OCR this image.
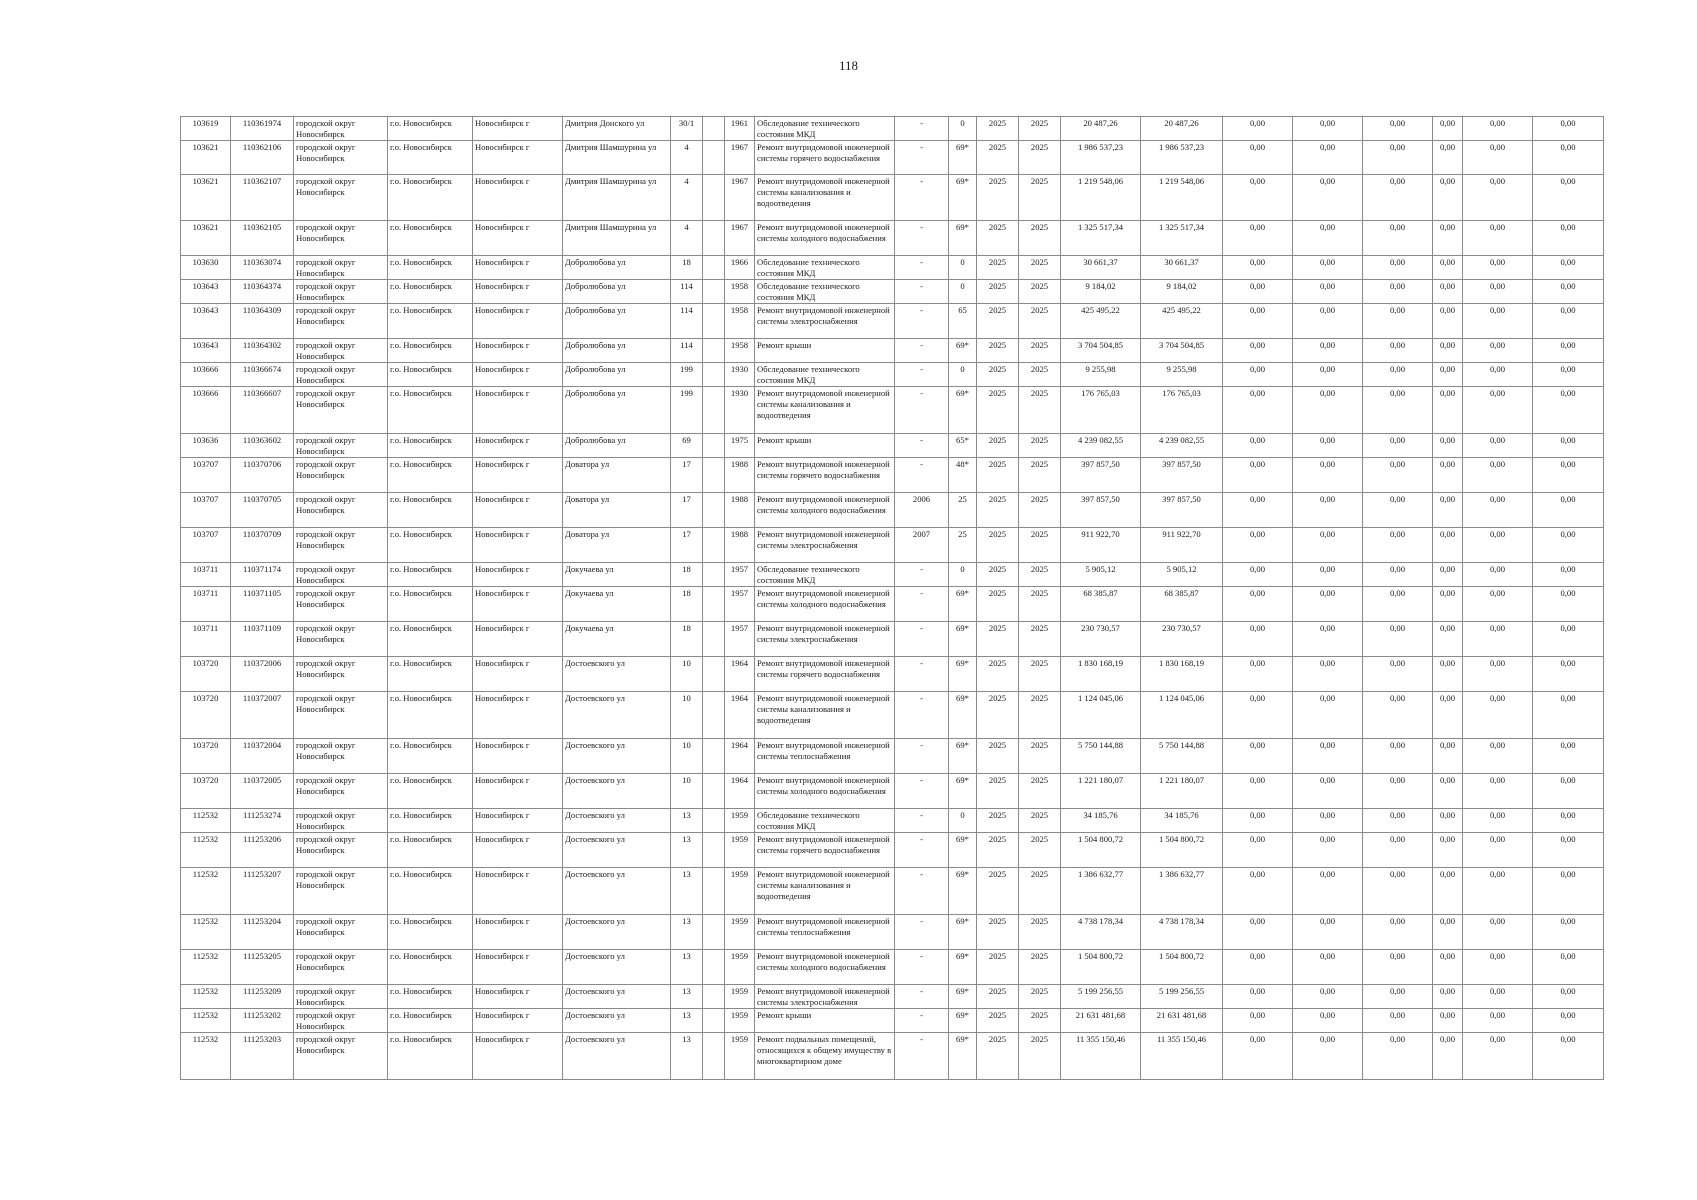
118
103619	110361974	городской округ Новосибирск	г.о. Новосибирск	Новосибирск г	Дмитрия Донского ул	30/1		1961	Обследование технического состояния МКД	-	0	2025	2025	20 487,26	20 487,26	0,00	0,00	0,00	0,00	0,00	0,00
103621	110362106	городской округ Новосибирск	г.о. Новосибирск	Новосибирск г	Дмитрия Шамшурина ул	4		1967	Ремонт внутридомовой инженерной системы горячего водоснабжения	-	69*	2025	2025	1 986 537,23	1 986 537,23	0,00	0,00	0,00	0,00	0,00	0,00
103621	110362107	городской округ Новосибирск	г.о. Новосибирск	Новосибирск г	Дмитрия Шамшурина ул	4		1967	Ремонт внутридомовой инженерной системы канализования и водоотведения	-	69*	2025	2025	1 219 548,06	1 219 548,06	0,00	0,00	0,00	0,00	0,00	0,00
103621	110362105	городской округ Новосибирск	г.о. Новосибирск	Новосибирск г	Дмитрия Шамшурина ул	4		1967	Ремонт внутридомовой инженерной системы холодного водоснабжения	-	69*	2025	2025	1 325 517,34	1 325 517,34	0,00	0,00	0,00	0,00	0,00	0,00
103630	110363074	городской округ Новосибирск	г.о. Новосибирск	Новосибирск г	Добролюбова ул	18		1966	Обследование технического состояния МКД	-	0	2025	2025	30 661,37	30 661,37	0,00	0,00	0,00	0,00	0,00	0,00
103643	110364374	городской округ Новосибирск	г.о. Новосибирск	Новосибирск г	Добролюбова ул	114		1958	Обследование технического состояния МКД	-	0	2025	2025	9 184,02	9 184,02	0,00	0,00	0,00	0,00	0,00	0,00
103643	110364309	городской округ Новосибирск	г.о. Новосибирск	Новосибирск г	Добролюбова ул	114		1958	Ремонт внутридомовой инженерной системы электроснабжения	-	65	2025	2025	425 495,22	425 495,22	0,00	0,00	0,00	0,00	0,00	0,00
103643	110364302	городской округ Новосибирск	г.о. Новосибирск	Новосибирск г	Добролюбова ул	114		1958	Ремонт крыши	-	69*	2025	2025	3 704 504,85	3 704 504,85	0,00	0,00	0,00	0,00	0,00	0,00
103666	110366674	городской округ Новосибирск	г.о. Новосибирск	Новосибирск г	Добролюбова ул	199		1930	Обследование технического состояния МКД	-	0	2025	2025	9 255,98	9 255,98	0,00	0,00	0,00	0,00	0,00	0,00
103666	110366607	городской округ Новосибирск	г.о. Новосибирск	Новосибирск г	Добролюбова ул	199		1930	Ремонт внутридомовой инженерной системы канализования и водоотведения	-	69*	2025	2025	176 765,03	176 765,03	0,00	0,00	0,00	0,00	0,00	0,00
103636	110363602	городской округ Новосибирск	г.о. Новосибирск	Новосибирск г	Добролюбова ул	69		1975	Ремонт крыши	-	65*	2025	2025	4 239 082,55	4 239 082,55	0,00	0,00	0,00	0,00	0,00	0,00
103707	110370706	городской округ Новосибирск	г.о. Новосибирск	Новосибирск г	Доватора ул	17		1988	Ремонт внутридомовой инженерной системы горячего водоснабжения	-	48*	2025	2025	397 857,50	397 857,50	0,00	0,00	0,00	0,00	0,00	0,00
103707	110370705	городской округ Новосибирск	г.о. Новосибирск	Новосибирск г	Доватора ул	17		1988	Ремонт внутридомовой инженерной системы холодного водоснабжения	2006	25	2025	2025	397 857,50	397 857,50	0,00	0,00	0,00	0,00	0,00	0,00
103707	110370709	городской округ Новосибирск	г.о. Новосибирск	Новосибирск г	Доватора ул	17		1988	Ремонт внутридомовой инженерной системы электроснабжения	2007	25	2025	2025	911 922,70	911 922,70	0,00	0,00	0,00	0,00	0,00	0,00
103711	110371174	городской округ Новосибирск	г.о. Новосибирск	Новосибирск г	Докучаева ул	18		1957	Обследование технического состояния МКД	-	0	2025	2025	5 905,12	5 905,12	0,00	0,00	0,00	0,00	0,00	0,00
103711	110371105	городской округ Новосибирск	г.о. Новосибирск	Новосибирск г	Докучаева ул	18		1957	Ремонт внутридомовой инженерной системы холодного водоснабжения	-	69*	2025	2025	68 385,87	68 385,87	0,00	0,00	0,00	0,00	0,00	0,00
103711	110371109	городской округ Новосибирск	г.о. Новосибирск	Новосибирск г	Докучаева ул	18		1957	Ремонт внутридомовой инженерной системы электроснабжения	-	69*	2025	2025	230 730,57	230 730,57	0,00	0,00	0,00	0,00	0,00	0,00
103720	110372006	городской округ Новосибирск	г.о. Новосибирск	Новосибирск г	Достоевского ул	10		1964	Ремонт внутридомовой инженерной системы горячего водоснабжения	-	69*	2025	2025	1 830 168,19	1 830 168,19	0,00	0,00	0,00	0,00	0,00	0,00
103720	110372007	городской округ Новосибирск	г.о. Новосибирск	Новосибирск г	Достоевского ул	10		1964	Ремонт внутридомовой инженерной системы канализования и водоотведения	-	69*	2025	2025	1 124 045,06	1 124 045,06	0,00	0,00	0,00	0,00	0,00	0,00
103720	110372004	городской округ Новосибирск	г.о. Новосибирск	Новосибирск г	Достоевского ул	10		1964	Ремонт внутридомовой инженерной системы теплоснабжения	-	69*	2025	2025	5 750 144,88	5 750 144,88	0,00	0,00	0,00	0,00	0,00	0,00
103720	110372005	городской округ Новосибирск	г.о. Новосибирск	Новосибирск г	Достоевского ул	10		1964	Ремонт внутридомовой инженерной системы холодного водоснабжения	-	69*	2025	2025	1 221 180,07	1 221 180,07	0,00	0,00	0,00	0,00	0,00	0,00
112532	111253274	городской округ Новосибирск	г.о. Новосибирск	Новосибирск г	Достоевского ул	13		1959	Обследование технического состояния МКД	-	0	2025	2025	34 185,76	34 185,76	0,00	0,00	0,00	0,00	0,00	0,00
112532	111253206	городской округ Новосибирск	г.о. Новосибирск	Новосибирск г	Достоевского ул	13		1959	Ремонт внутридомовой инженерной системы горячего водоснабжения	-	69*	2025	2025	1 504 800,72	1 504 800,72	0,00	0,00	0,00	0,00	0,00	0,00
112532	111253207	городской округ Новосибирск	г.о. Новосибирск	Новосибирск г	Достоевского ул	13		1959	Ремонт внутридомовой инженерной системы канализования и водоотведения	-	69*	2025	2025	1 386 632,77	1 386 632,77	0,00	0,00	0,00	0,00	0,00	0,00
112532	111253204	городской округ Новосибирск	г.о. Новосибирск	Новосибирск г	Достоевского ул	13		1959	Ремонт внутридомовой инженерной системы теплоснабжения	-	69*	2025	2025	4 738 178,34	4 738 178,34	0,00	0,00	0,00	0,00	0,00	0,00
112532	111253205	городской округ Новосибирск	г.о. Новосибирск	Новосибирск г	Достоевского ул	13		1959	Ремонт внутридомовой инженерной системы холодного водоснабжения	-	69*	2025	2025	1 504 800,72	1 504 800,72	0,00	0,00	0,00	0,00	0,00	0,00
112532	111253209	городской округ Новосибирск	г.о. Новосибирск	Новосибирск г	Достоевского ул	13		1959	Ремонт внутридомовой инженерной системы электроснабжения	-	69*	2025	2025	5 199 256,55	5 199 256,55	0,00	0,00	0,00	0,00	0,00	0,00
112532	111253202	городской округ Новосибирск	г.о. Новосибирск	Новосибирск г	Достоевского ул	13		1959	Ремонт крыши	-	69*	2025	2025	21 631 481,68	21 631 481,68	0,00	0,00	0,00	0,00	0,00	0,00
112532	111253203	городской округ Новосибирск	г.о. Новосибирск	Новосибирск г	Достоевского ул	13		1959	Ремонт подвальных помещений, относящихся к общему имуществу в многоквартирном доме	-	69*	2025	2025	11 355 150,46	11 355 150,46	0,00	0,00	0,00	0,00	0,00	0,00
